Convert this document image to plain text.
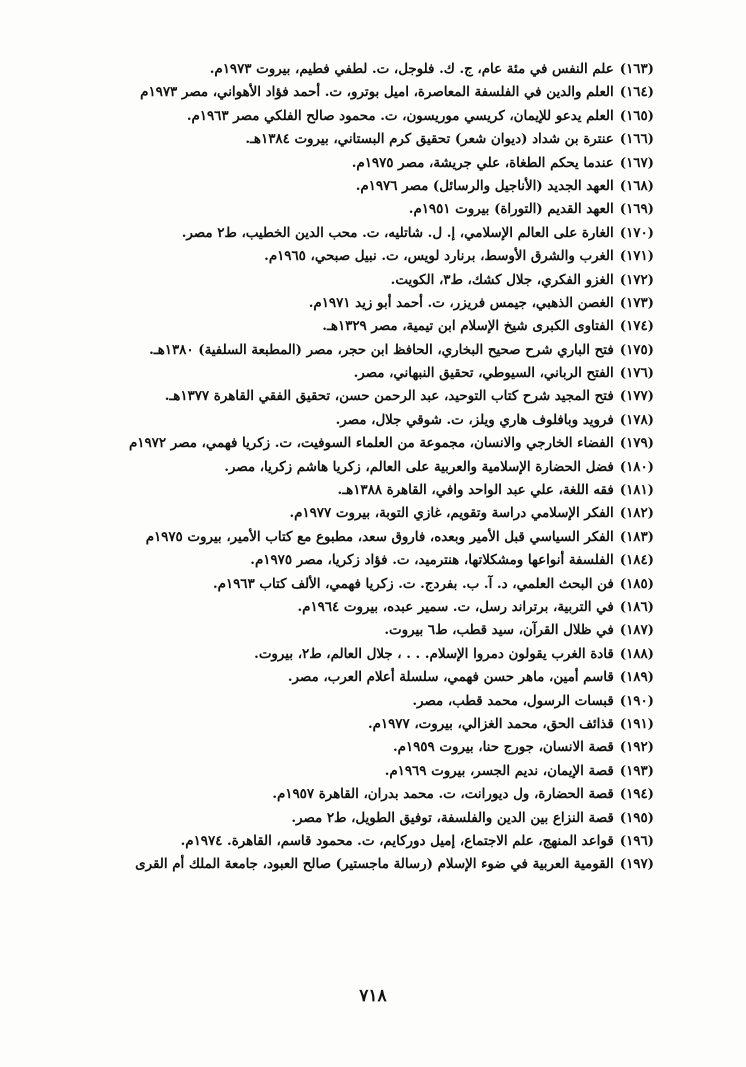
(١٦٣)علم النفس في مئة عام، ج. ك. فلوجل، ت. لطفي فطيم، بيروت ١٩٧٣م.
(١٦٤)العلم والدين في الفلسفة المعاصرة، اميل بوترو، ت. أحمد فؤاد الأهواني، مصر ١٩٧٣م
(١٦٥)العلم يدعو للإيمان، كريسي موريسون، ت. محمود صالح الفلكي مصر ١٩٦٣م.
(١٦٦)عنترة بن شداد (ديوان شعر) تحقيق كرم البستاني، بيروت ١٣٨٤هـ.
(١٦٧)عندما يحكم الطغاة، علي جريشة، مصر ١٩٧٥م.
(١٦٨)العهد الجديد (الأناجيل والرسائل) مصر ١٩٧٦م.
(١٦٩)العهد القديم (التوراة) بيروت ١٩٥١م.
(١٧٠)الغارة على العالم الإسلامي، إ. ل. شاتليه، ت. محب الدين الخطيب، ط٢ مصر.
(١٧١)الغرب والشرق الأوسط، برنارد لويس، ت. نبيل صبحي، ١٩٦٥م.
(١٧٢)الغزو الفكري، جلال كشك، ط٣، الكويت.
(١٧٣)الغصن الذهبي، جيمس فريزر، ت. أحمد أبو زيد ١٩٧١م.
(١٧٤)الفتاوى الكبرى شيخ الإسلام ابن تيمية، مصر ١٣٢٩هـ.
(١٧٥)فتح الباري شرح صحيح البخاري، الحافظ ابن حجر، مصر (المطبعة السلفية) ١٣٨٠هـ.
(١٧٦)الفتح الرباني، السيوطي، تحقيق النبهاني، مصر.
(١٧٧)فتح المجيد شرح كتاب التوحيد، عبد الرحمن حسن، تحقيق الفقي القاهرة ١٣٧٧هـ.
(١٧٨)فرويد وبافلوف هاري ويلز، ت. شوقي جلال، مصر.
(١٧٩)الفضاء الخارجي والانسان، مجموعة من العلماء السوفيت، ت. زكريا فهمي، مصر ١٩٧٢م
(١٨٠)فضل الحضارة الإسلامية والعربية على العالم، زكريا هاشم زكريا، مصر.
(١٨١)فقه اللغة، علي عبد الواحد وافي، القاهرة ١٣٨٨هـ.
(١٨٢)الفكر الإسلامي دراسة وتقويم، غازي التوبة، بيروت ١٩٧٧م.
(١٨٣)الفكر السياسي قبل الأمير وبعده، فاروق سعد، مطبوع مع كتاب الأمير، بيروت ١٩٧٥م
(١٨٤)الفلسفة أنواعها ومشكلاتها، هنترميد، ت. فؤاد زكريا، مصر ١٩٧٥م.
(١٨٥)فن البحث العلمي، د. آ. ب. بفردج. ت. زكريا فهمي، الألف كتاب ١٩٦٣م.
(١٨٦)في التربية، برتراند رسل، ت. سمير عبده، بيروت ١٩٦٤م.
(١٨٧)في ظلال القرآن، سيد قطب، ط٦ بيروت.
(١٨٨)قادة الغرب يقولون دمروا الإسلام. . . ، جلال العالم، ط٢، بيروت.
(١٨٩)قاسم أمين، ماهر حسن فهمي، سلسلة أعلام العرب، مصر.
(١٩٠)قبسات الرسول، محمد قطب، مصر.
(١٩١)قذائف الحق، محمد الغزالي، بيروت، ١٩٧٧م.
(١٩٢)قصة الانسان، جورج حنا، بيروت ١٩٥٩م.
(١٩٣)قصة الإيمان، نديم الجسر، بيروت ١٩٦٩م.
(١٩٤)قصة الحضارة، ول ديورانت، ت. محمد بدران، القاهرة ١٩٥٧م.
(١٩٥)قصة النزاع بين الدين والفلسفة، توفيق الطويل، ط٢ مصر.
(١٩٦)قواعد المنهج، علم الاجتماع، إميل دوركايم، ت. محمود قاسم، القاهرة. ١٩٧٤م.
(١٩٧)القومية العربية في ضوء الإسلام (رسالة ماجستير) صالح العبود، جامعة الملك أم القرى
٧١٨
